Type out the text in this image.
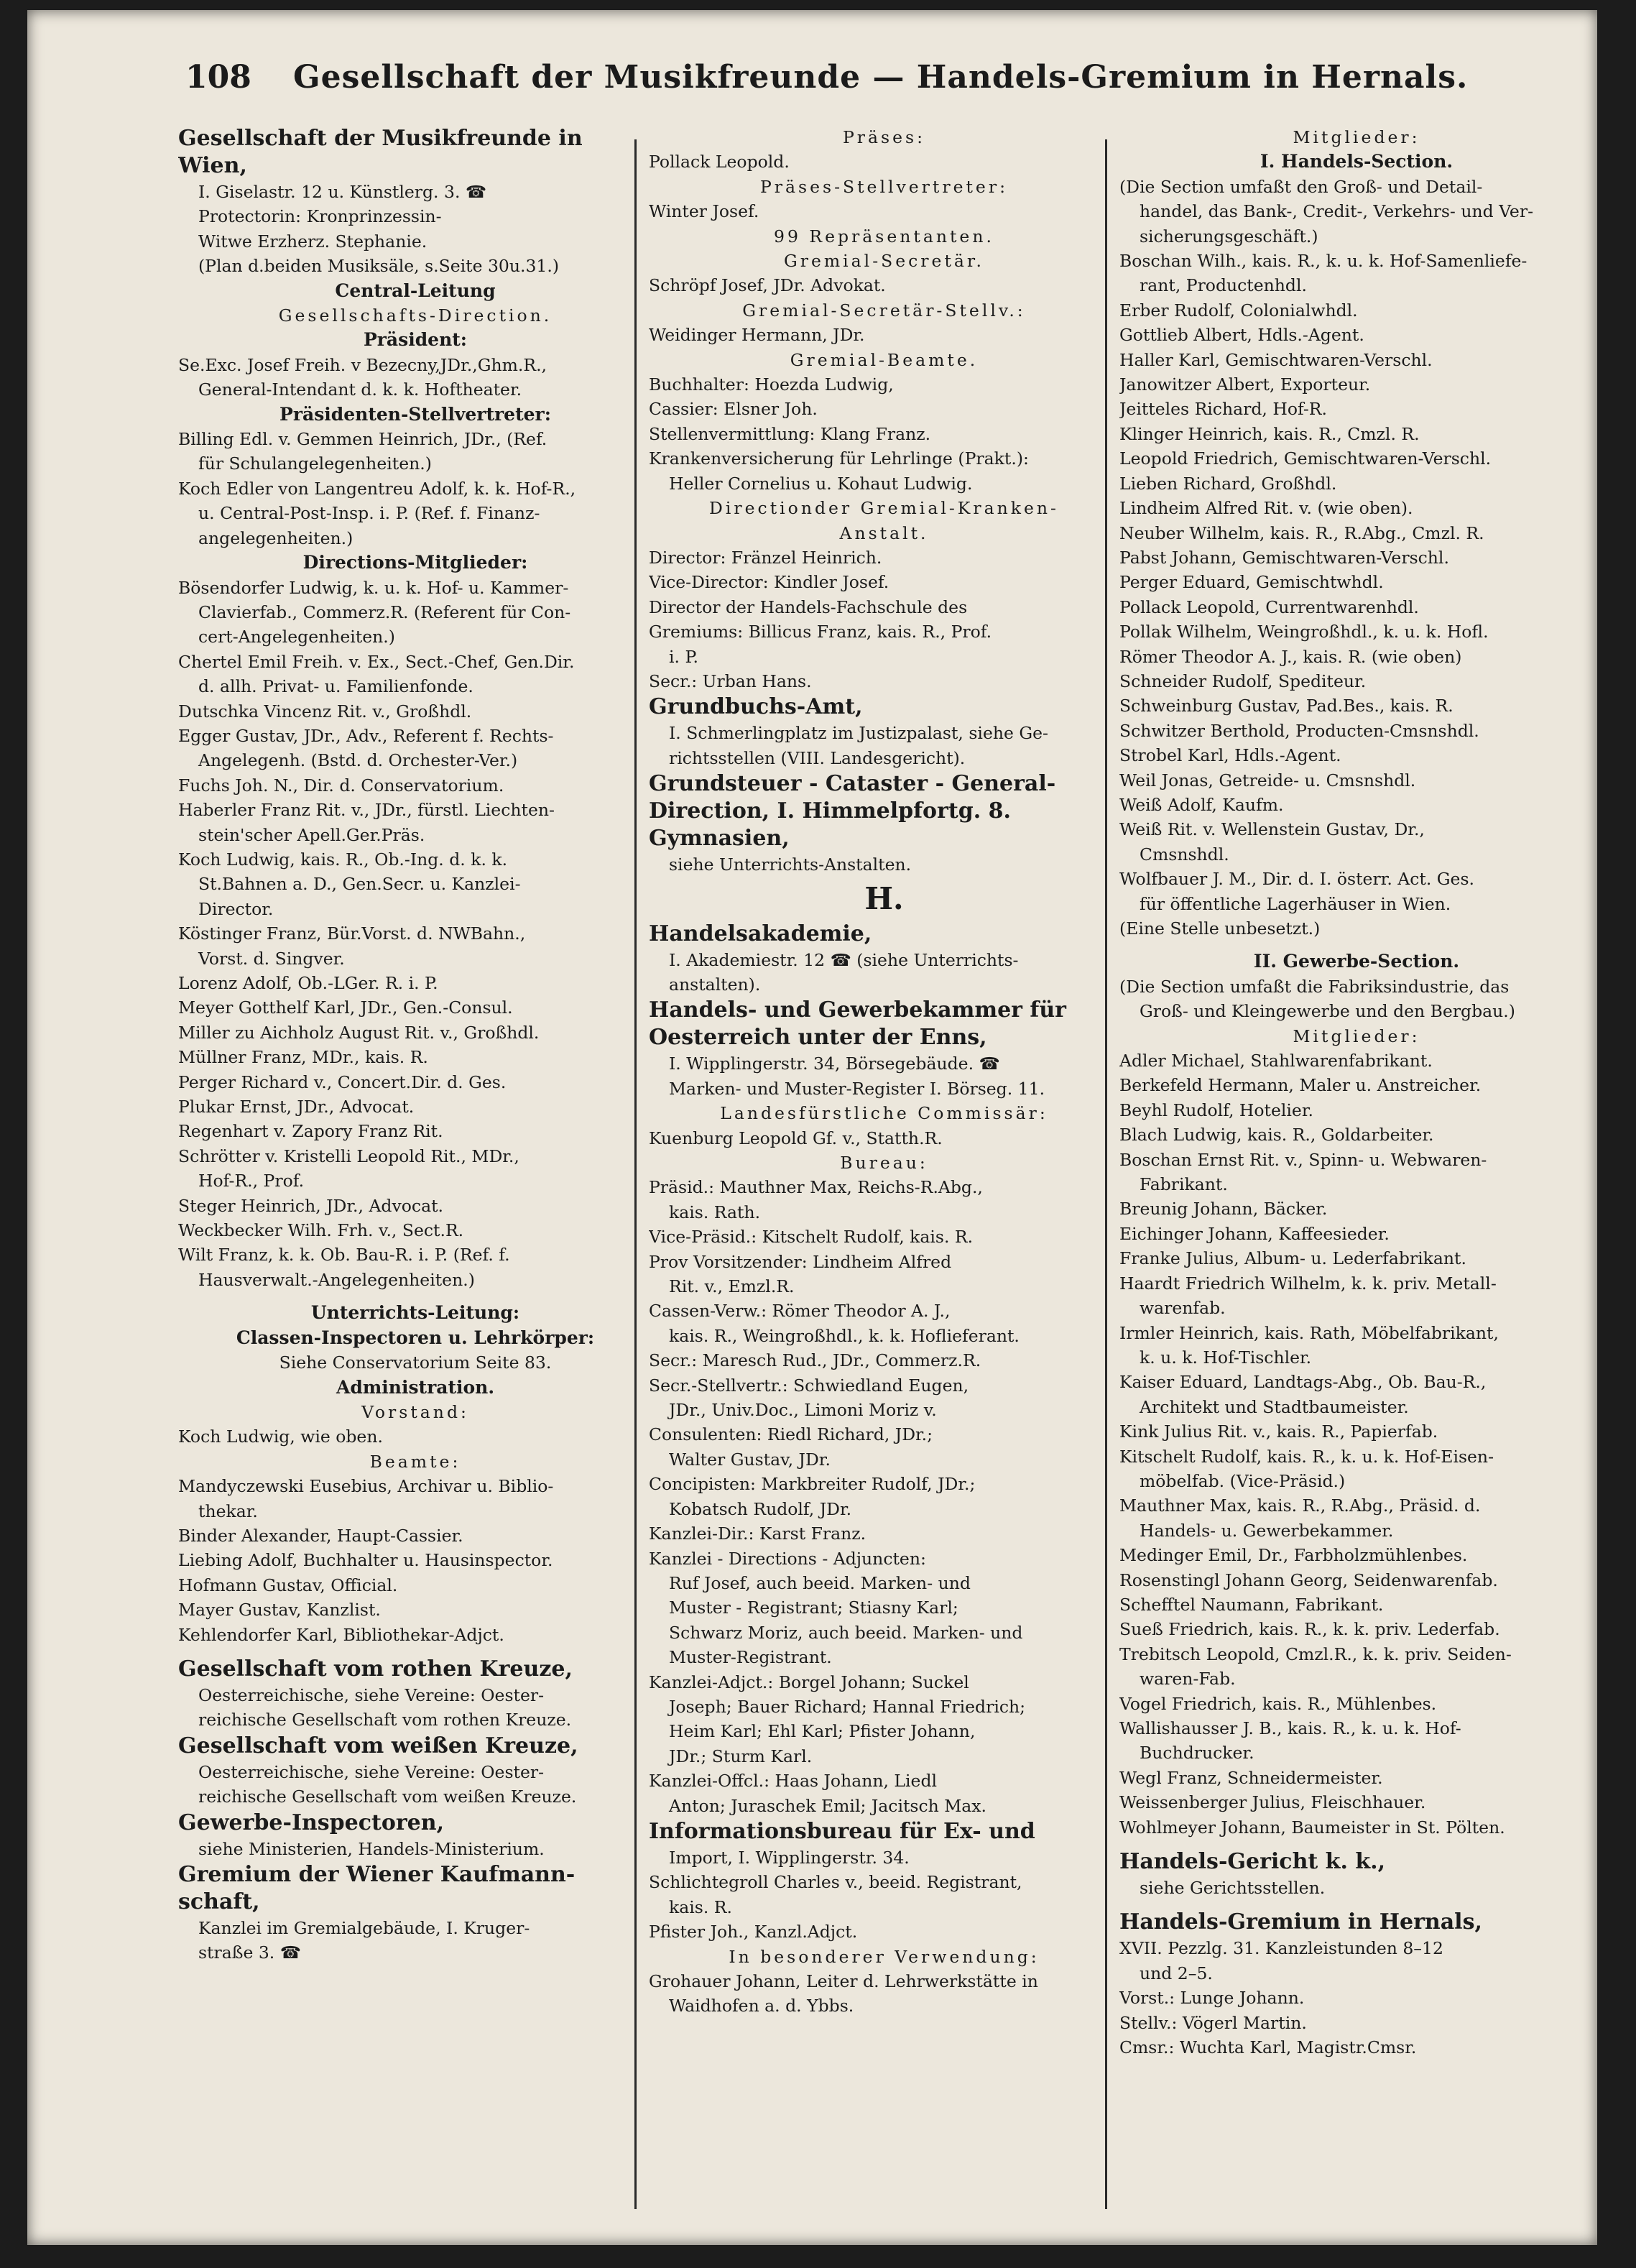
108 Gesellschaft der Musikfreunde — Handels-Gremium in Hernals.
Gesellschaft der Musikfreunde in
Wien,
I. Giselastr. 12 u. Künstlerg. 3. ☎
Protectorin: Kronprinzessin-
Witwe Erzherz. Stephanie.
(Plan d.beiden Musiksäle, s.Seite 30u.31.)
Central-Leitung
Gesellschafts-Direction.
Präsident:
Se.Exc. Josef Freih. v Bezecny,JDr.,Ghm.R.,
General-Intendant d. k. k. Hoftheater.
Präsidenten-Stellvertreter:
Billing Edl. v. Gemmen Heinrich, JDr., (Ref.
für Schulangelegenheiten.)
Koch Edler von Langentreu Adolf, k. k. Hof-R.,
u. Central-Post-Insp. i. P. (Ref. f. Finanz-
angelegenheiten.)
Directions-Mitglieder:
Bösendorfer Ludwig, k. u. k. Hof- u. Kammer-
Clavierfab., Commerz.R. (Referent für Con-
cert-Angelegenheiten.)
Chertel Emil Freih. v. Ex., Sect.-Chef, Gen.Dir.
d. allh. Privat- u. Familienfonde.
Dutschka Vincenz Rit. v., Großhdl.
Egger Gustav, JDr., Adv., Referent f. Rechts-
Angelegenh. (Bstd. d. Orchester-Ver.)
Fuchs Joh. N., Dir. d. Conservatorium.
Haberler Franz Rit. v., JDr., fürstl. Liechten-
stein'scher Apell.Ger.Präs.
Koch Ludwig, kais. R., Ob.-Ing. d. k. k.
St.Bahnen a. D., Gen.Secr. u. Kanzlei-
Director.
Köstinger Franz, Bür.Vorst. d. NWBahn.,
Vorst. d. Singver.
Lorenz Adolf, Ob.-LGer. R. i. P.
Meyer Gotthelf Karl, JDr., Gen.-Consul.
Miller zu Aichholz August Rit. v., Großhdl.
Müllner Franz, MDr., kais. R.
Perger Richard v., Concert.Dir. d. Ges.
Plukar Ernst, JDr., Advocat.
Regenhart v. Zapory Franz Rit.
Schrötter v. Kristelli Leopold Rit., MDr.,
Hof-R., Prof.
Steger Heinrich, JDr., Advocat.
Weckbecker Wilh. Frh. v., Sect.R.
Wilt Franz, k. k. Ob. Bau-R. i. P. (Ref. f.
Hausverwalt.-Angelegenheiten.)
Unterrichts-Leitung:
Classen-Inspectoren u. Lehrkörper:
Siehe Conservatorium Seite 83.
Administration.
Vorstand:
Koch Ludwig, wie oben.
Beamte:
Mandyczewski Eusebius, Archivar u. Biblio-
thekar.
Binder Alexander, Haupt-Cassier.
Liebing Adolf, Buchhalter u. Hausinspector.
Hofmann Gustav, Official.
Mayer Gustav, Kanzlist.
Kehlendorfer Karl, Bibliothekar-Adjct.
Gesellschaft vom rothen Kreuze,
Oesterreichische, siehe Vereine: Oester-
reichische Gesellschaft vom rothen Kreuze.
Gesellschaft vom weißen Kreuze,
Oesterreichische, siehe Vereine: Oester-
reichische Gesellschaft vom weißen Kreuze.
Gewerbe-Inspectoren,
siehe Ministerien, Handels-Ministerium.
Gremium der Wiener Kaufmann-
schaft,
Kanzlei im Gremialgebäude, I. Kruger-
straße 3. ☎
Präses:
Pollack Leopold.
Präses-Stellvertreter:
Winter Josef.
99 Repräsentanten.
Gremial-Secretär.
Schröpf Josef, JDr. Advokat.
Gremial-Secretär-Stellv.:
Weidinger Hermann, JDr.
Gremial-Beamte.
Buchhalter: Hoezda Ludwig,
Cassier: Elsner Joh.
Stellenvermittlung: Klang Franz.
Krankenversicherung für Lehrlinge (Prakt.):
Heller Cornelius u. Kohaut Ludwig.
Directionder Gremial-Kranken-
Anstalt.
Director: Fränzel Heinrich.
Vice-Director: Kindler Josef.
Director der Handels-Fachschule des
Gremiums: Billicus Franz, kais. R., Prof.
i. P.
Secr.: Urban Hans.
Grundbuchs-Amt,
I. Schmerlingplatz im Justizpalast, siehe Ge-
richtsstellen (VIII. Landesgericht).
Grundsteuer - Cataster - General-
Direction, I. Himmelpfortg. 8.
Gymnasien,
siehe Unterrichts-Anstalten.
H.
Handelsakademie,
I. Akademiestr. 12 ☎ (siehe Unterrichts-
anstalten).
Handels- und Gewerbekammer für
Oesterreich unter der Enns,
I. Wipplingerstr. 34, Börsegebäude. ☎
Marken- und Muster-Register I. Börseg. 11.
Landesfürstliche Commissär:
Kuenburg Leopold Gf. v., Statth.R.
Bureau:
Präsid.: Mauthner Max, Reichs-R.Abg.,
kais. Rath.
Vice-Präsid.: Kitschelt Rudolf, kais. R.
Prov Vorsitzender: Lindheim Alfred
Rit. v., Emzl.R.
Cassen-Verw.: Römer Theodor A. J.,
kais. R., Weingroßhdl., k. k. Hoflieferant.
Secr.: Maresch Rud., JDr., Commerz.R.
Secr.-Stellvertr.: Schwiedland Eugen,
JDr., Univ.Doc., Limoni Moriz v.
Consulenten: Riedl Richard, JDr.;
Walter Gustav, JDr.
Concipisten: Markbreiter Rudolf, JDr.;
Kobatsch Rudolf, JDr.
Kanzlei-Dir.: Karst Franz.
Kanzlei - Directions - Adjuncten:
Ruf Josef, auch beeid. Marken- und
Muster - Registrant; Stiasny Karl;
Schwarz Moriz, auch beeid. Marken- und
Muster-Registrant.
Kanzlei-Adjct.: Borgel Johann; Suckel
Joseph; Bauer Richard; Hannal Friedrich;
Heim Karl; Ehl Karl; Pfister Johann,
JDr.; Sturm Karl.
Kanzlei-Offcl.: Haas Johann, Liedl
Anton; Juraschek Emil; Jacitsch Max.
Informationsbureau für Ex- und
Import, I. Wipplingerstr. 34.
Schlichtegroll Charles v., beeid. Registrant,
kais. R.
Pfister Joh., Kanzl.Adjct.
In besonderer Verwendung:
Grohauer Johann, Leiter d. Lehrwerkstätte in
Waidhofen a. d. Ybbs.
Mitglieder:
I. Handels-Section.
(Die Section umfaßt den Groß- und Detail-
handel, das Bank-, Credit-, Verkehrs- und Ver-
sicherungsgeschäft.)
Boschan Wilh., kais. R., k. u. k. Hof-Samenliefe-
rant, Productenhdl.
Erber Rudolf, Colonialwhdl.
Gottlieb Albert, Hdls.-Agent.
Haller Karl, Gemischtwaren-Verschl.
Janowitzer Albert, Exporteur.
Jeitteles Richard, Hof-R.
Klinger Heinrich, kais. R., Cmzl. R.
Leopold Friedrich, Gemischtwaren-Verschl.
Lieben Richard, Großhdl.
Lindheim Alfred Rit. v. (wie oben).
Neuber Wilhelm, kais. R., R.Abg., Cmzl. R.
Pabst Johann, Gemischtwaren-Verschl.
Perger Eduard, Gemischtwhdl.
Pollack Leopold, Currentwarenhdl.
Pollak Wilhelm, Weingroßhdl., k. u. k. Hofl.
Römer Theodor A. J., kais. R. (wie oben)
Schneider Rudolf, Spediteur.
Schweinburg Gustav, Pad.Bes., kais. R.
Schwitzer Berthold, Producten-Cmsnshdl.
Strobel Karl, Hdls.-Agent.
Weil Jonas, Getreide- u. Cmsnshdl.
Weiß Adolf, Kaufm.
Weiß Rit. v. Wellenstein Gustav, Dr.,
Cmsnshdl.
Wolfbauer J. M., Dir. d. I. österr. Act. Ges.
für öffentliche Lagerhäuser in Wien.
(Eine Stelle unbesetzt.)
II. Gewerbe-Section.
(Die Section umfaßt die Fabriksindustrie, das
Groß- und Kleingewerbe und den Bergbau.)
Mitglieder:
Adler Michael, Stahlwarenfabrikant.
Berkefeld Hermann, Maler u. Anstreicher.
Beyhl Rudolf, Hotelier.
Blach Ludwig, kais. R., Goldarbeiter.
Boschan Ernst Rit. v., Spinn- u. Webwaren-
Fabrikant.
Breunig Johann, Bäcker.
Eichinger Johann, Kaffeesieder.
Franke Julius, Album- u. Lederfabrikant.
Haardt Friedrich Wilhelm, k. k. priv. Metall-
warenfab.
Irmler Heinrich, kais. Rath, Möbelfabrikant,
k. u. k. Hof-Tischler.
Kaiser Eduard, Landtags-Abg., Ob. Bau-R.,
Architekt und Stadtbaumeister.
Kink Julius Rit. v., kais. R., Papierfab.
Kitschelt Rudolf, kais. R., k. u. k. Hof-Eisen-
möbelfab. (Vice-Präsid.)
Mauthner Max, kais. R., R.Abg., Präsid. d.
Handels- u. Gewerbekammer.
Medinger Emil, Dr., Farbholzmühlenbes.
Rosenstingl Johann Georg, Seidenwarenfab.
Schefftel Naumann, Fabrikant.
Sueß Friedrich, kais. R., k. k. priv. Lederfab.
Trebitsch Leopold, Cmzl.R., k. k. priv. Seiden-
waren-Fab.
Vogel Friedrich, kais. R., Mühlenbes.
Wallishausser J. B., kais. R., k. u. k. Hof-
Buchdrucker.
Wegl Franz, Schneidermeister.
Weissenberger Julius, Fleischhauer.
Wohlmeyer Johann, Baumeister in St. Pölten.
Handels-Gericht k. k.,
siehe Gerichtsstellen.
Handels-Gremium in Hernals,
XVII. Pezzlg. 31. Kanzleistunden 8–12
und 2–5.
Vorst.: Lunge Johann.
Stellv.: Vögerl Martin.
Cmsr.: Wuchta Karl, Magistr.Cmsr.
